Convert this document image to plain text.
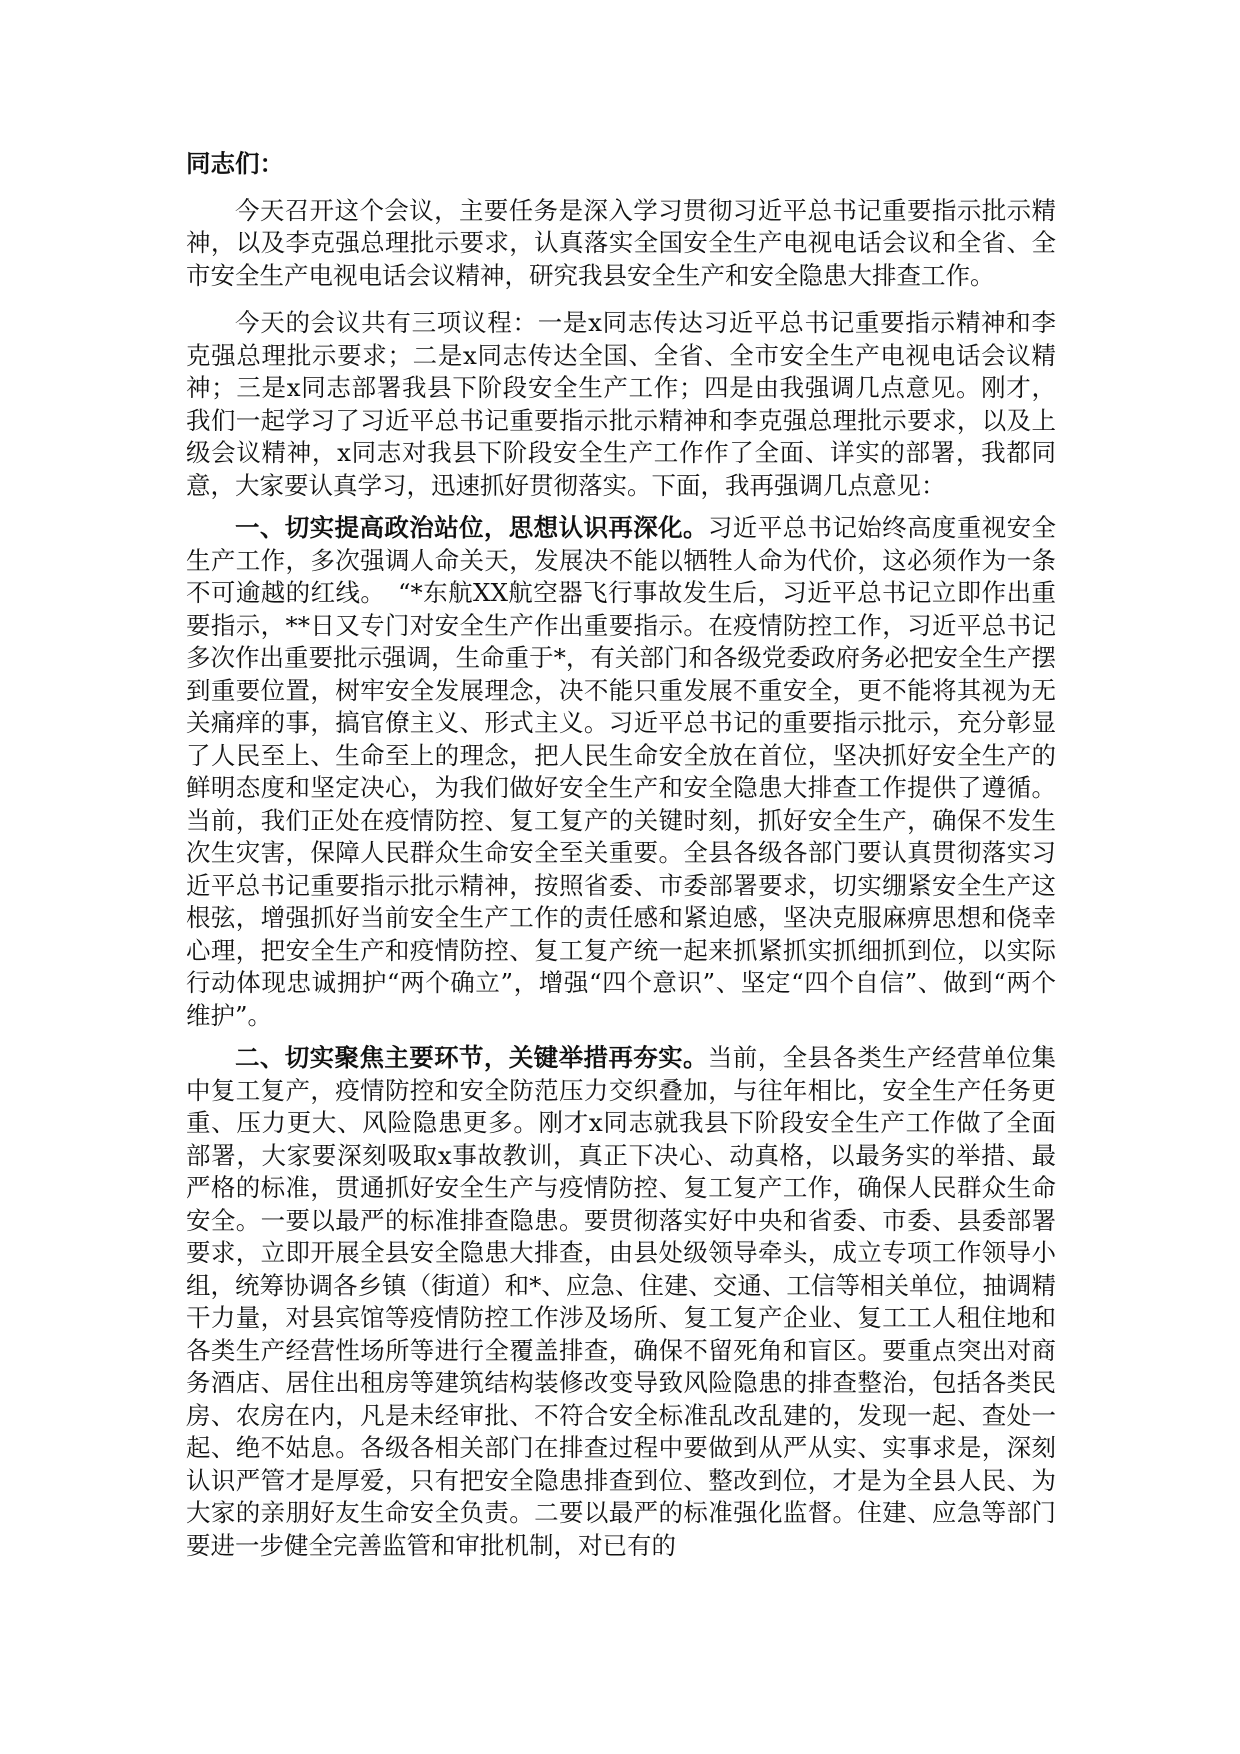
同志们：

今天召开这个会议，主要任务是深入学习贯彻习近平总书记重要指示批示精神，以及李克强总理批示要求，认真落实全国安全生产电视电话会议和全省、全市安全生产电视电话会议精神，研究我县安全生产和安全隐患大排查工作。

今天的会议共有三项议程：一是x同志传达习近平总书记重要指示精神和李克强总理批示要求；二是x同志传达全国、全省、全市安全生产电视电话会议精神；三是x同志部署我县下阶段安全生产工作；四是由我强调几点意见。刚才，我们一起学习了习近平总书记重要指示批示精神和李克强总理批示要求，以及上级会议精神，x同志对我县下阶段安全生产工作作了全面、详实的部署，我都同意，大家要认真学习，迅速抓好贯彻落实。下面，我再强调几点意见：

一、切实提高政治站位，思想认识再深化。习近平总书记始终高度重视安全生产工作，多次强调人命关天，发展决不能以牺牲人命为代价，这必须作为一条不可逾越的红线。　“*东航XX航空器飞行事故发生后，习近平总书记立即作出重要指示，**日又专门对安全生产作出重要指示。在疫情防控工作，习近平总书记多次作出重要批示强调，生命重于*，有关部门和各级党委政府务必把安全生产摆到重要位置，树牢安全发展理念，决不能只重发展不重安全，更不能将其视为无关痛痒的事，搞官僚主义、形式主义。习近平总书记的重要指示批示，充分彰显了人民至上、生命至上的理念，把人民生命安全放在首位，坚决抓好安全生产的鲜明态度和坚定决心，为我们做好安全生产和安全隐患大排查工作提供了遵循。当前，我们正处在疫情防控、复工复产的关键时刻，抓好安全生产，确保不发生次生灾害，保障人民群众生命安全至关重要。全县各级各部门要认真贯彻落实习近平总书记重要指示批示精神，按照省委、市委部署要求，切实绷紧安全生产这根弦，增强抓好当前安全生产工作的责任感和紧迫感，坚决克服麻痹思想和侥幸心理，把安全生产和疫情防控、复工复产统一起来抓紧抓实抓细抓到位，以实际行动体现忠诚拥护“两个确立”，增强“四个意识”、坚定“四个自信”、做到“两个维护”。

二、切实聚焦主要环节，关键举措再夯实。当前，全县各类生产经营单位集中复工复产，疫情防控和安全防范压力交织叠加，与往年相比，安全生产任务更重、压力更大、风险隐患更多。刚才x同志就我县下阶段安全生产工作做了全面部署，大家要深刻吸取x事故教训，真正下决心、动真格，以最务实的举措、最严格的标准，贯通抓好安全生产与疫情防控、复工复产工作，确保人民群众生命安全。一要以最严的标准排查隐患。要贯彻落实好中央和省委、市委、县委部署要求，立即开展全县安全隐患大排查，由县处级领导牵头，成立专项工作领导小组，统筹协调各乡镇（街道）和*、应急、住建、交通、工信等相关单位，抽调精干力量，对县宾馆等疫情防控工作涉及场所、复工复产企业、复工工人租住地和各类生产经营性场所等进行全覆盖排查，确保不留死角和盲区。要重点突出对商务酒店、居住出租房等建筑结构装修改变导致风险隐患的排查整治，包括各类民房、农房在内，凡是未经审批、不符合安全标准乱改乱建的，发现一起、查处一起、绝不姑息。各级各相关部门在排查过程中要做到从严从实、实事求是，深刻认识严管才是厚爱，只有把安全隐患排查到位、整改到位，才是为全县人民、为大家的亲朋好友生命安全负责。二要以最严的标准强化监督。住建、应急等部门要进一步健全完善监管和审批机制，对已有的
